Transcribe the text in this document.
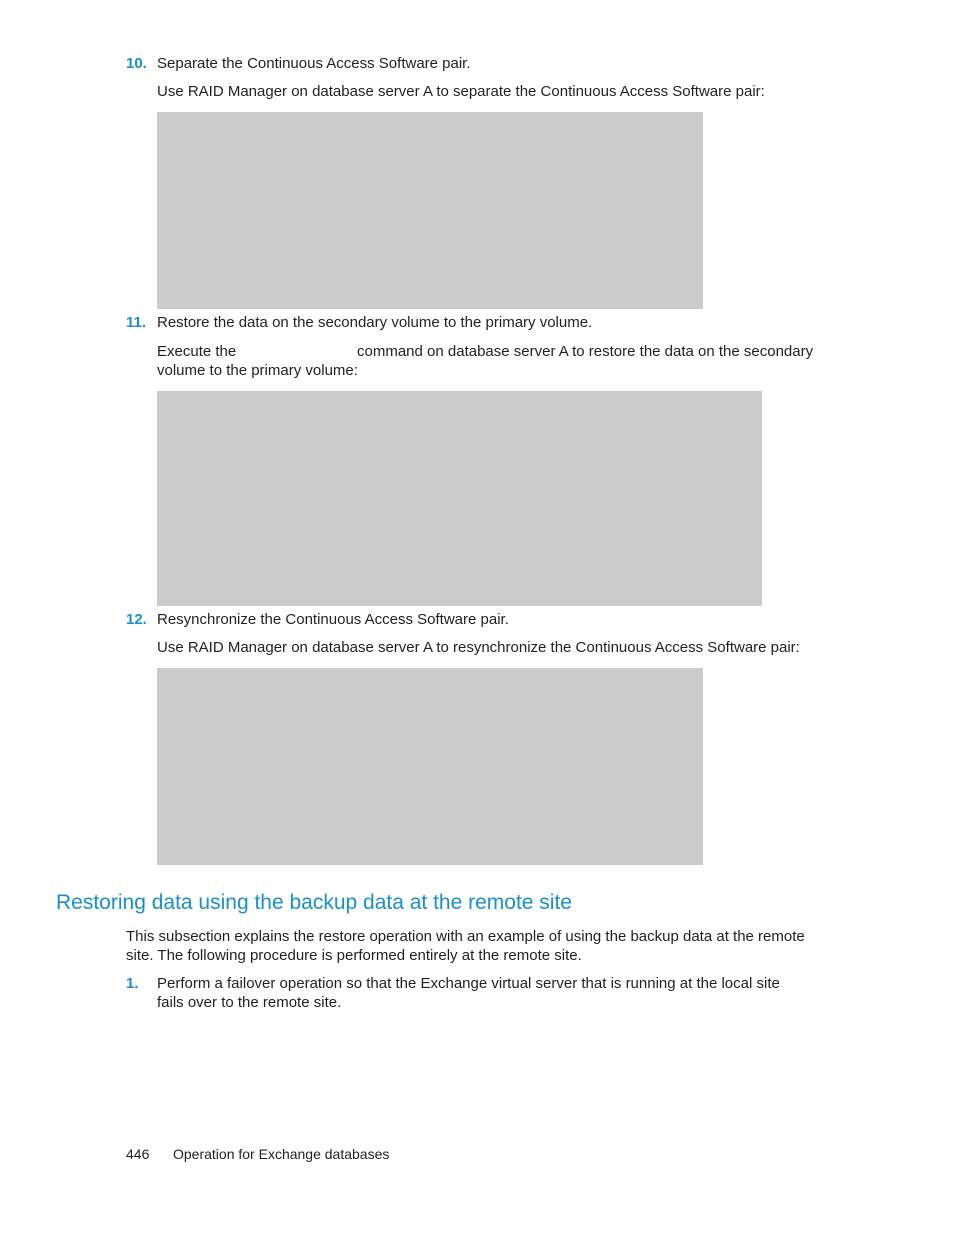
10. Separate the Continuous Access Software pair.
Use RAID Manager on database server A to separate the Continuous Access Software pair:
11. Restore the data on the secondary volume to the primary volume.
Execute the	command on database server A to restore the data on the secondary
volume to the primary volume:
12. Resynchronize the Continuous Access Software pair.
Use RAID Manager on database server A to resynchronize the Continuous Access Software pair:
Restoring data using the backup data at the remote site
This subsection explains the restore operation with an example of using the backup data at the remote
site. The following procedure is performed entirely at the remote site.
1. Perform a failover operation so that the Exchange virtual server that is running at the local site
fails over to the remote site.
446 Operation for Exchange databases
